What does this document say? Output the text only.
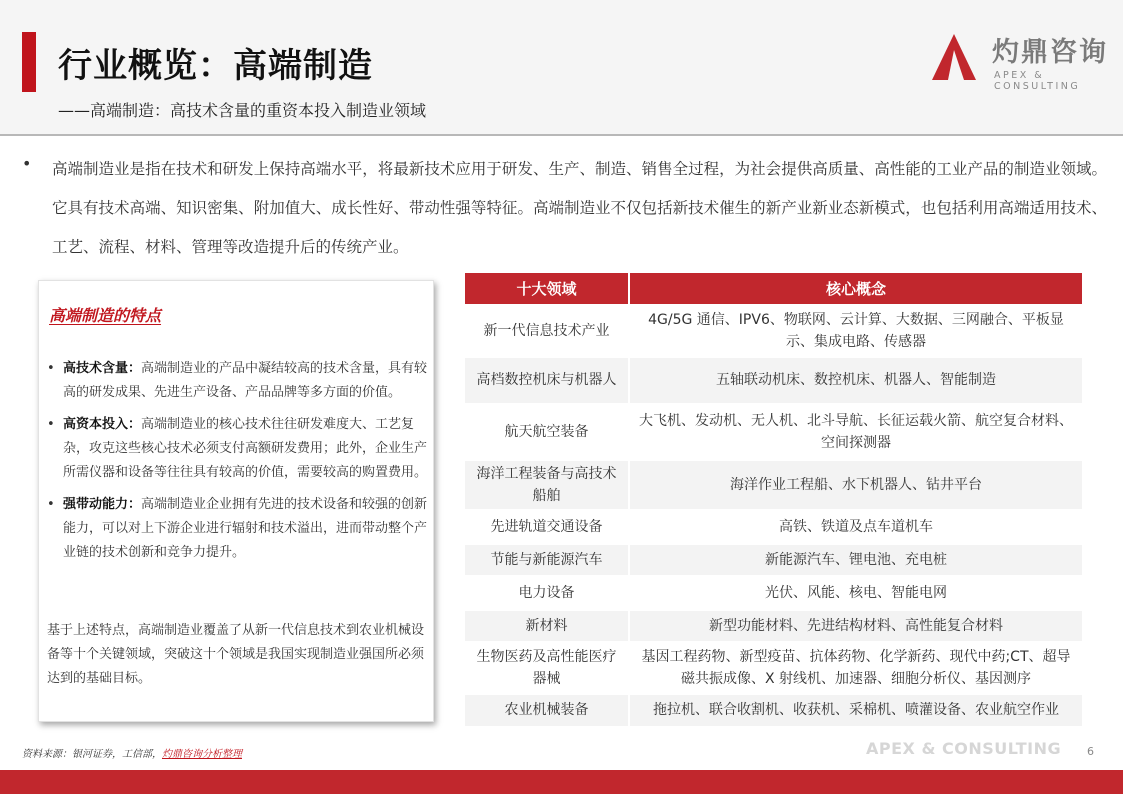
行业概览：高端制造
——高端制造：高技术含量的重资本投入制造业领域
灼鼎咨询
APEX & CONSULTING
• 高端制造业是指在技术和研发上保持高端水平，将最新技术应用于研发、生产、制造、销售全过程，为社会提供高质量、高性能的工业产品的制造业领域。它具有技术高端、知识密集、附加值大、成长性好、带动性强等特征。高端制造业不仅包括新技术催生的新产业新业态新模式，也包括利用高端适用技术、工艺、流程、材料、管理等改造提升后的传统产业。
高端制造的特点
• 高技术含量：高端制造业的产品中凝结较高的技术含量，具有较高的研发成果、先进生产设备、产品品牌等多方面的价值。
• 高资本投入：高端制造业的核心技术往往研发难度大、工艺复杂，攻克这些核心技术必须支付高额研发费用；此外，企业生产所需仪器和设备等往往具有较高的价值，需要较高的购置费用。
• 强带动能力：高端制造业企业拥有先进的技术设备和较强的创新能力，可以对上下游企业进行辐射和技术溢出，进而带动整个产业链的技术创新和竞争力提升。
基于上述特点，高端制造业覆盖了从新一代信息技术到农业机械设备等十个关键领域，突破这十个领域是我国实现制造业强国所必须达到的基础目标。
十大领域	核心概念
新一代信息技术产业	4G/5G 通信、IPV6、物联网、云计算、大数据、三网融合、平板显示、集成电路、传感器
高档数控机床与机器人	五轴联动机床、数控机床、机器人、智能制造
航天航空装备	大飞机、发动机、无人机、北斗导航、长征运载火箭、航空复合材料、空间探测器
海洋工程装备与高技术船舶	海洋作业工程船、水下机器人、钻井平台
先进轨道交通设备	高铁、铁道及点车道机车
节能与新能源汽车	新能源汽车、锂电池、充电桩
电力设备	光伏、风能、核电、智能电网
新材料	新型功能材料、先进结构材料、高性能复合材料
生物医药及高性能医疗器械	基因工程药物、新型疫苗、抗体药物、化学新药、现代中药;CT、超导磁共振成像、X 射线机、加速器、细胞分析仪、基因测序
农业机械装备	拖拉机、联合收割机、收获机、采棉机、喷灌设备、农业航空作业
资料来源：银河证券，工信部，灼鼎咨询分析整理	APEX & CONSULTING 6
